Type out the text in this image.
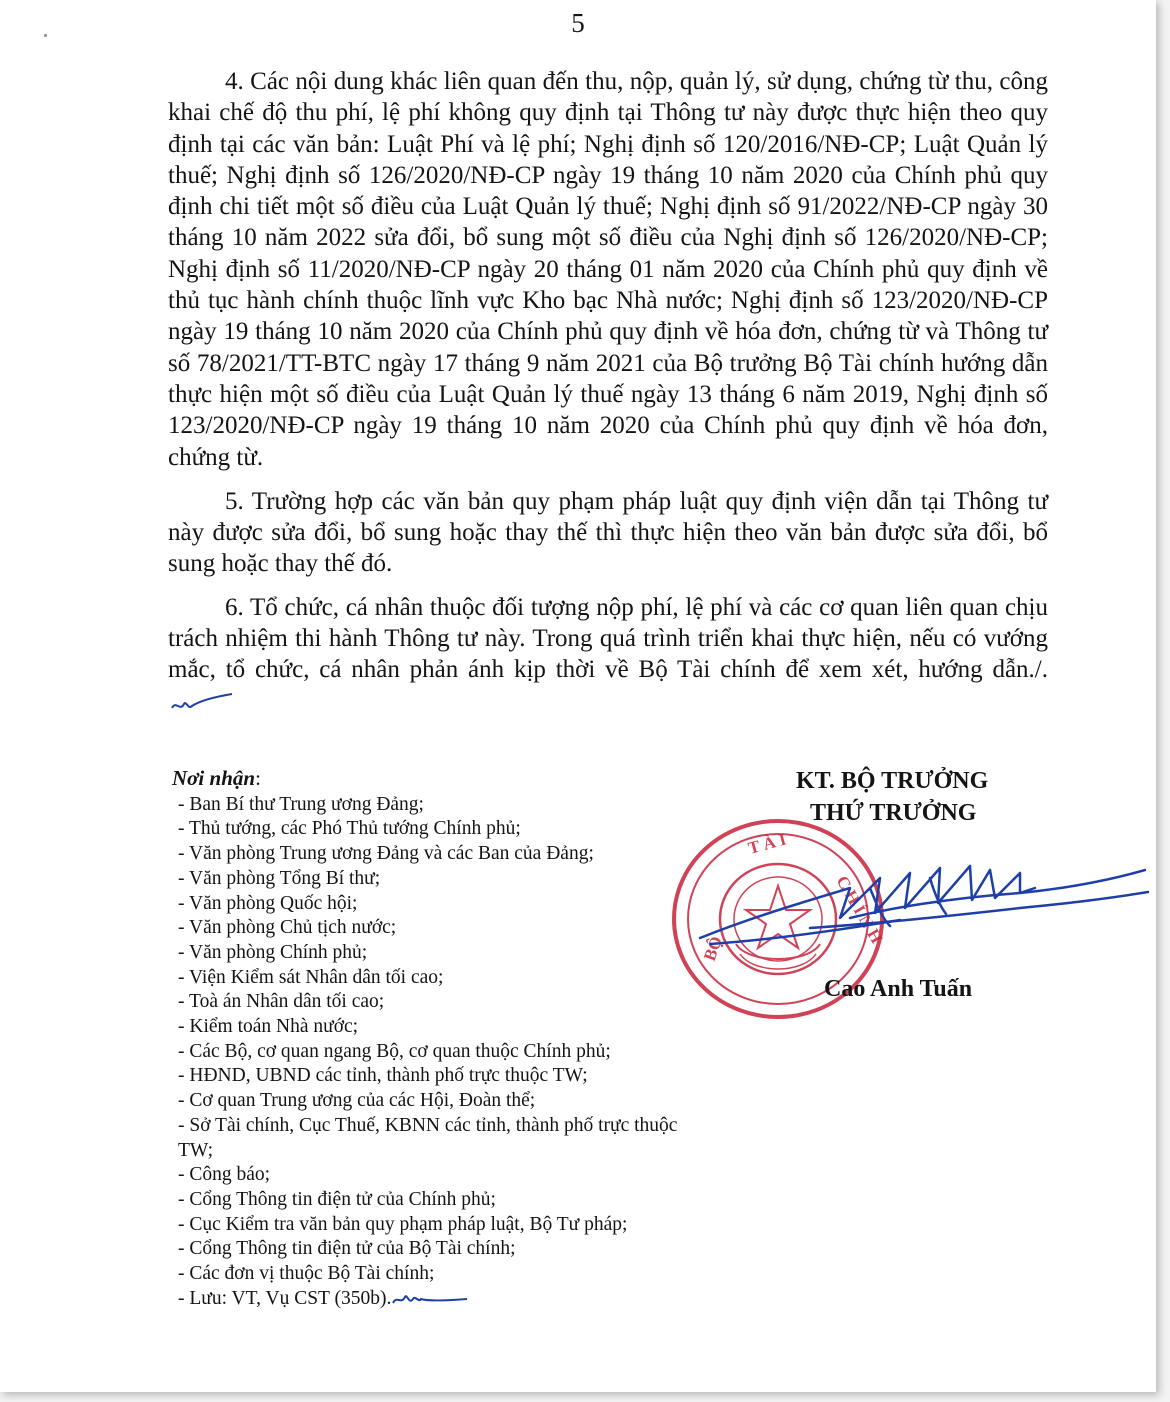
5

4. Các nội dung khác liên quan đến thu, nộp, quản lý, sử dụng, chứng từ thu, công khai chế độ thu phí, lệ phí không quy định tại Thông tư này được thực hiện theo quy định tại các văn bản: Luật Phí và lệ phí; Nghị định số 120/2016/NĐ-CP; Luật Quản lý thuế; Nghị định số 126/2020/NĐ-CP ngày 19 tháng 10 năm 2020 của Chính phủ quy định chi tiết một số điều của Luật Quản lý thuế; Nghị định số 91/2022/NĐ-CP ngày 30 tháng 10 năm 2022 sửa đổi, bổ sung một số điều của Nghị định số 126/2020/NĐ-CP; Nghị định số 11/2020/NĐ-CP ngày 20 tháng 01 năm 2020 của Chính phủ quy định về thủ tục hành chính thuộc lĩnh vực Kho bạc Nhà nước; Nghị định số 123/2020/NĐ-CP ngày 19 tháng 10 năm 2020 của Chính phủ quy định về hóa đơn, chứng từ và Thông tư số 78/2021/TT-BTC ngày 17 tháng 9 năm 2021 của Bộ trưởng Bộ Tài chính hướng dẫn thực hiện một số điều của Luật Quản lý thuế ngày 13 tháng 6 năm 2019, Nghị định số 123/2020/NĐ-CP ngày 19 tháng 10 năm 2020 của Chính phủ quy định về hóa đơn, chứng từ.

5. Trường hợp các văn bản quy phạm pháp luật quy định viện dẫn tại Thông tư này được sửa đổi, bổ sung hoặc thay thế thì thực hiện theo văn bản được sửa đổi, bổ sung hoặc thay thế đó.

6. Tổ chức, cá nhân thuộc đối tượng nộp phí, lệ phí và các cơ quan liên quan chịu trách nhiệm thi hành Thông tư này. Trong quá trình triển khai thực hiện, nếu có vướng mắc, tổ chức, cá nhân phản ánh kịp thời về Bộ Tài chính để xem xét, hướng dẫn./.

Nơi nhận:
- Ban Bí thư Trung ương Đảng;
- Thủ tướng, các Phó Thủ tướng Chính phủ;
- Văn phòng Trung ương Đảng và các Ban của Đảng;
- Văn phòng Tổng Bí thư;
- Văn phòng Quốc hội;
- Văn phòng Chủ tịch nước;
- Văn phòng Chính phủ;
- Viện Kiểm sát Nhân dân tối cao;
- Toà án Nhân dân tối cao;
- Kiểm toán Nhà nước;
- Các Bộ, cơ quan ngang Bộ, cơ quan thuộc Chính phủ;
- HĐND, UBND các tỉnh, thành phố trực thuộc TW;
- Cơ quan Trung ương của các Hội, Đoàn thể;
- Sở Tài chính, Cục Thuế, KBNN các tỉnh, thành phố trực thuộc TW;
- Công báo;
- Cổng Thông tin điện tử của Chính phủ;
- Cục Kiểm tra văn bản quy phạm pháp luật, Bộ Tư pháp;
- Cổng Thông tin điện tử của Bộ Tài chính;
- Các đơn vị thuộc Bộ Tài chính;
- Lưu: VT, Vụ CST (350b).
BỘ
T À I
C H Í N H
KT. BỘ TRƯỞNG
THỨ TRƯỞNG
Cao Anh Tuấn
